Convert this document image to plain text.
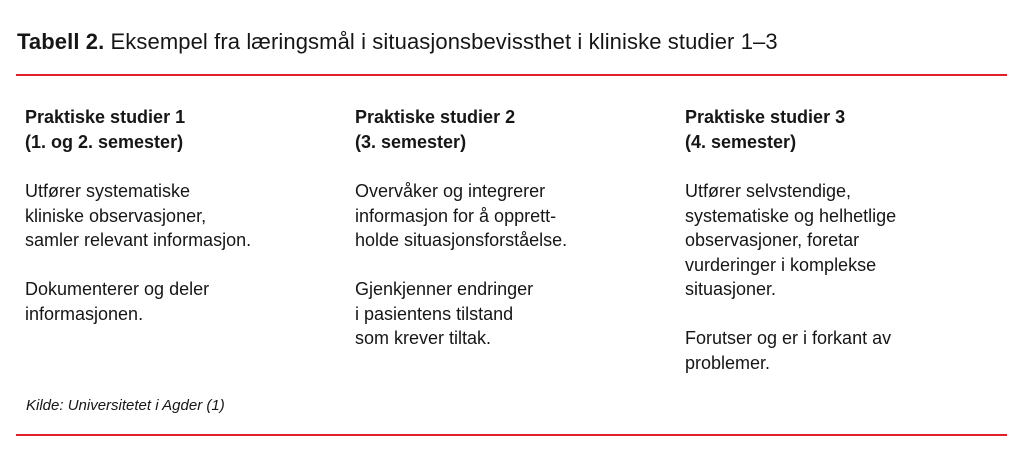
Tabell 2. Eksempel fra læringsmål i situasjonsbevissthet i kliniske studier 1–3
Praktiske studier 1
(1. og 2. semester)

Utfører systematiske

kliniske observasjoner,

samler relevant informasjon.

Dokumenterer og deler

informasjonen.

Praktiske studier 2
(3. semester)

Overvåker og integrerer

informasjon for å opprett-

holde situasjonsforståelse.

Gjenkjenner endringer

i pasientens tilstand

som krever tiltak.

Praktiske studier 3
(4. semester)

Utfører selvstendige,

systematiske og helhetlige

observasjoner, foretar

vurderinger i komplekse

situasjoner.

Forutser og er i forkant av

problemer.

Kilde: Universitetet i Agder (1)
